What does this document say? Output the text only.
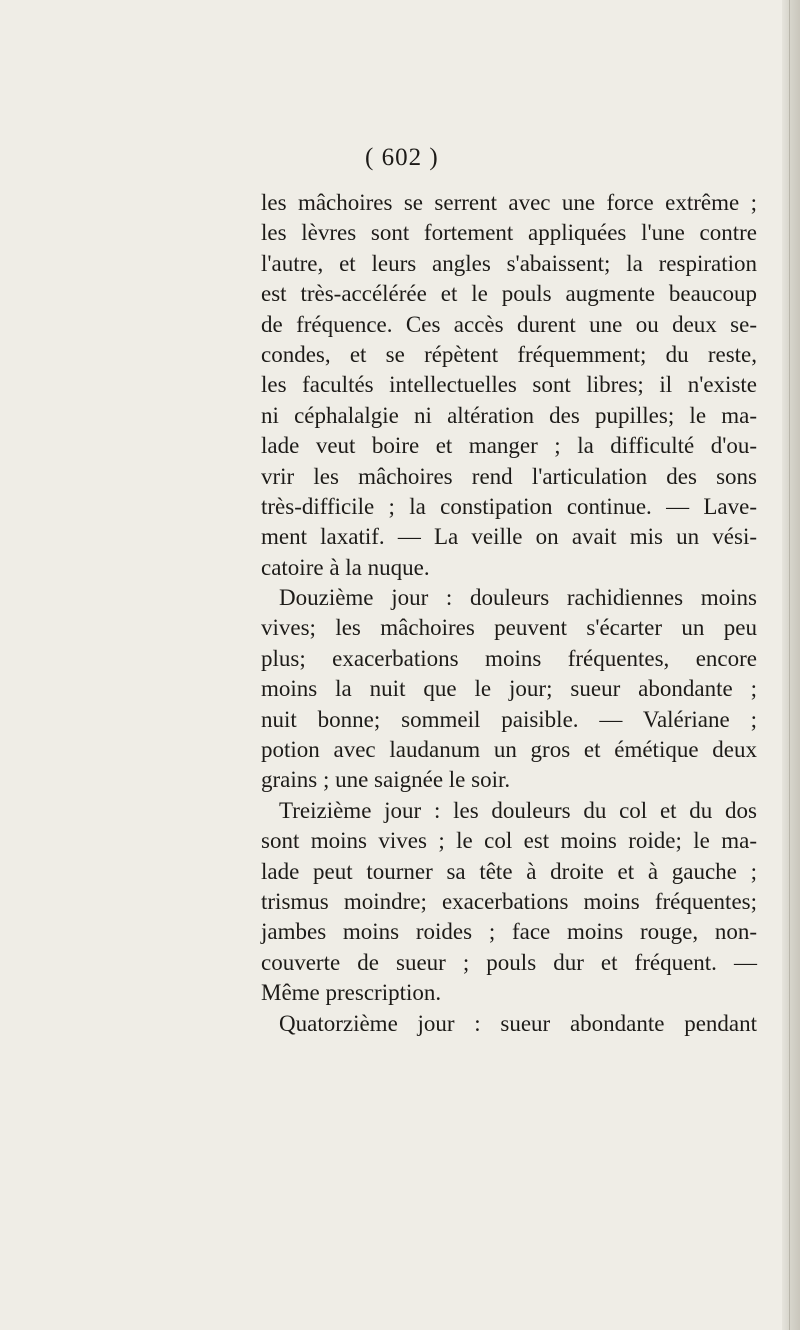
( 602 )
les mâchoires se serrent avec une force extrême ;
les lèvres sont fortement appliquées l'une contre
l'autre, et leurs angles s'abaissent; la respiration
est très-accélérée et le pouls augmente beaucoup
de fréquence. Ces accès durent une ou deux se-
condes, et se répètent fréquemment; du reste,
les facultés intellectuelles sont libres; il n'existe
ni céphalalgie ni altération des pupilles; le ma-
lade veut boire et manger ; la difficulté d'ou-
vrir les mâchoires rend l'articulation des sons
très-difficile ; la constipation continue. — Lave-
ment laxatif. — La veille on avait mis un vési-
catoire à la nuque.
Douzième jour : douleurs rachidiennes moins
vives; les mâchoires peuvent s'écarter un peu
plus; exacerbations moins fréquentes, encore
moins la nuit que le jour; sueur abondante ;
nuit bonne; sommeil paisible. — Valériane ;
potion avec laudanum un gros et émétique deux
grains ; une saignée le soir.
Treizième jour : les douleurs du col et du dos
sont moins vives ; le col est moins roide; le ma-
lade peut tourner sa tête à droite et à gauche ;
trismus moindre; exacerbations moins fréquentes;
jambes moins roides ; face moins rouge, non-
couverte de sueur ; pouls dur et fréquent. —
Même prescription.
Quatorzième jour : sueur abondante pendant
